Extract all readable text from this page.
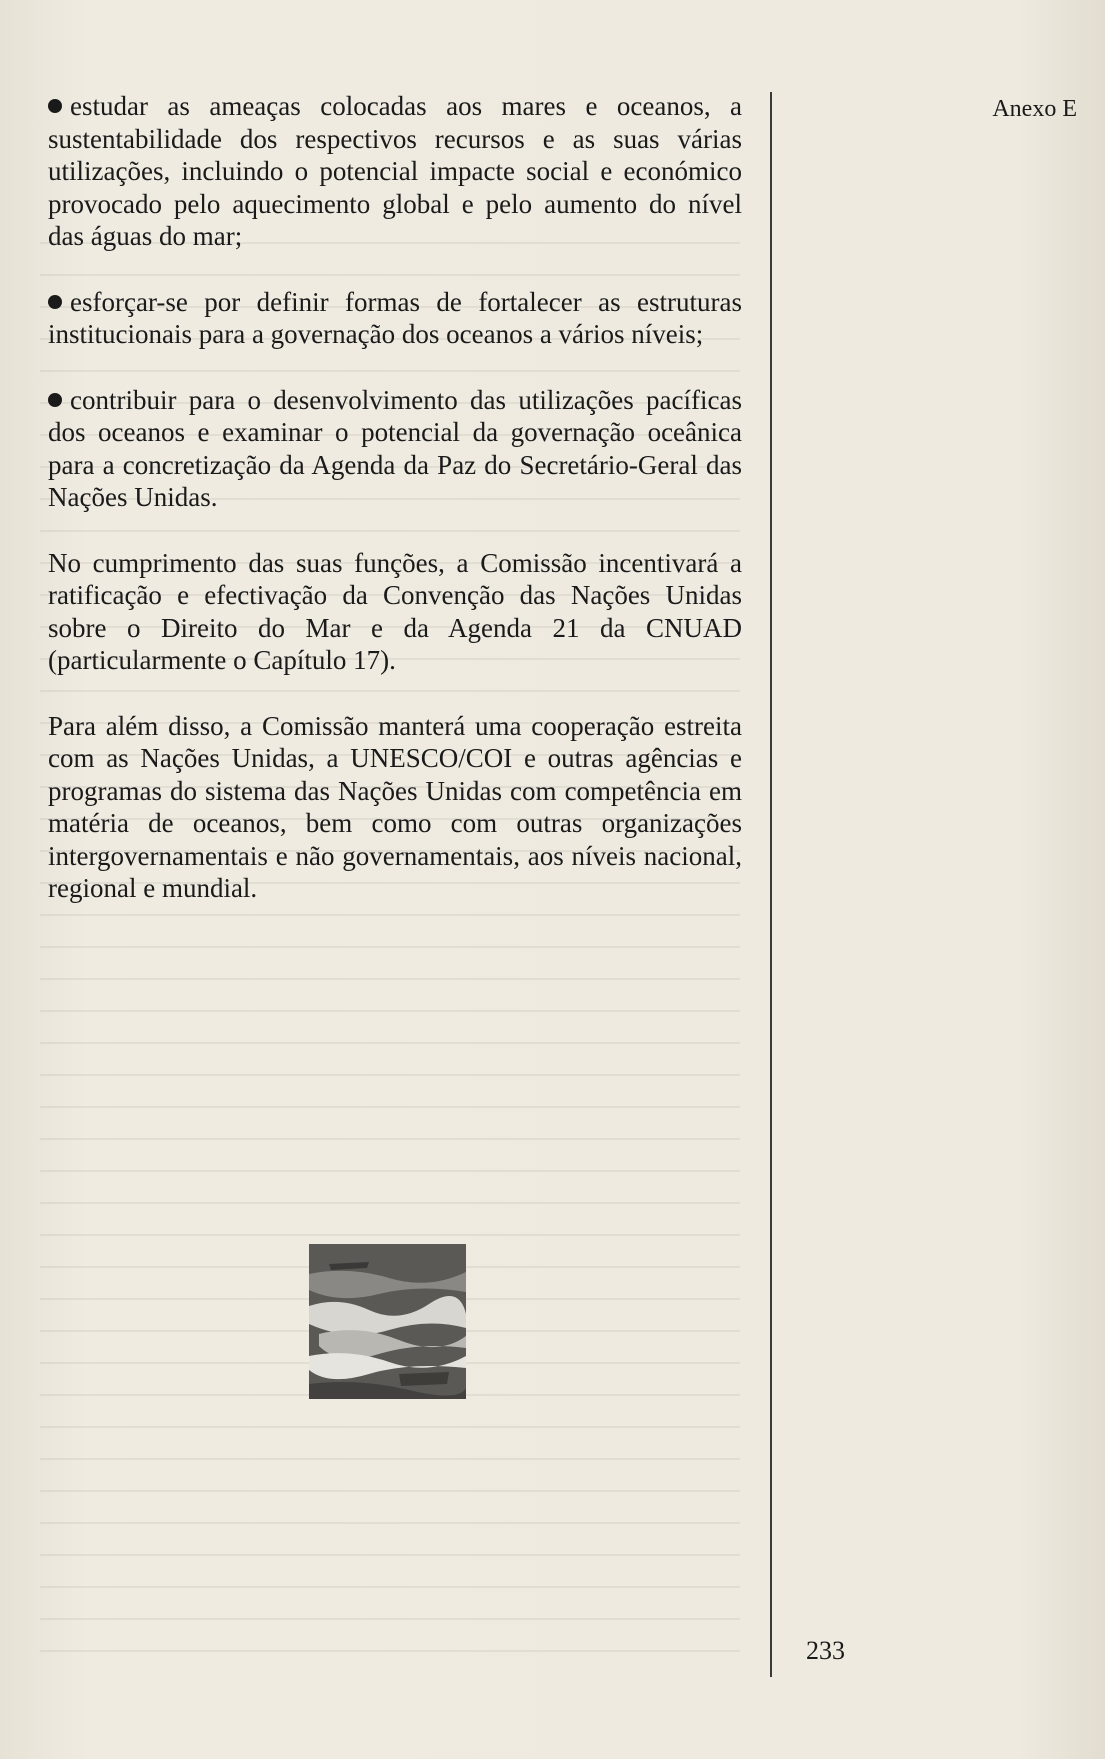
Anexo E

estudar as ameaças colocadas aos mares e oceanos, a sustentabilidade dos respectivos recursos e as suas várias utilizações, incluindo o potencial impacte social e económico provocado pelo aquecimento global e pelo aumento do nível das águas do mar;

esforçar-se por definir formas de fortalecer as estruturas institucionais para a governação dos oceanos a vários níveis;

contribuir para o desenvolvimento das utilizações pacíficas dos oceanos e examinar o potencial da governação oceânica para a concretização da Agenda da Paz do Secretário-Geral das Nações Unidas.

No cumprimento das suas funções, a Comissão incentivará a ratificação e efectivação da Convenção das Nações Unidas sobre o Direito do Mar e da Agenda 21 da CNUAD (particularmente o Capítulo 17).

Para além disso, a Comissão manterá uma cooperação estreita com as Nações Unidas, a UNESCO/COI e outras agências e programas do sistema das Nações Unidas com competência em matéria de oceanos, bem como com outras organizações intergovernamentais e não governamentais, aos níveis nacional, regional e mundial.

233
